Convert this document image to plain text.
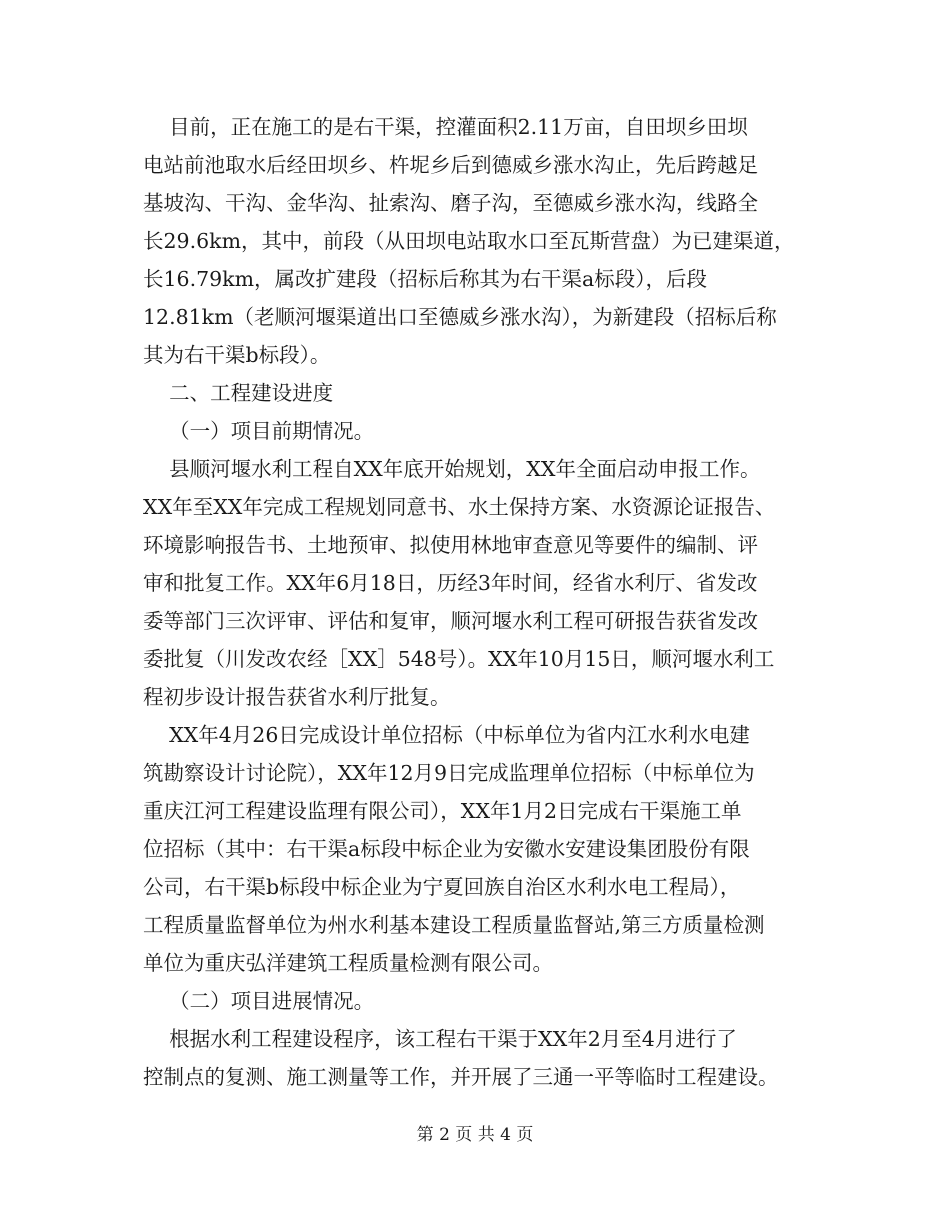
目前，正在施工的是右干渠，控灌面积2.11万亩，自田坝乡田坝
电站前池取水后经田坝乡、杵坭乡后到德威乡涨水沟止，先后跨越足
基坡沟、干沟、金华沟、扯索沟、磨子沟，至德威乡涨水沟，线路全
长29.6km，其中，前段（从田坝电站取水口至瓦斯营盘）为已建渠道，
长16.79km，属改扩建段（招标后称其为右干渠a标段），后段
12.81km（老顺河堰渠道出口至德威乡涨水沟），为新建段（招标后称
其为右干渠b标段）。
二、工程建设进度
（一）项目前期情况。
县顺河堰水利工程自XX年底开始规划，XX年全面启动申报工作。
XX年至XX年完成工程规划同意书、水土保持方案、水资源论证报告、
环境影响报告书、土地预审、拟使用林地审查意见等要件的编制、评
审和批复工作。XX年6月18日，历经3年时间，经省水利厅、省发改
委等部门三次评审、评估和复审，顺河堰水利工程可研报告获省发改
委批复（川发改农经［XX］548号）。XX年10月15日，顺河堰水利工
程初步设计报告获省水利厅批复。
XX年4月26日完成设计单位招标（中标单位为省内江水利水电建
筑勘察设计讨论院），XX年12月9日完成监理单位招标（中标单位为
重庆江河工程建设监理有限公司），XX年1月2日完成右干渠施工单
位招标（其中：右干渠a标段中标企业为安徽水安建设集团股份有限
公司，右干渠b标段中标企业为宁夏回族自治区水利水电工程局），
工程质量监督单位为州水利基本建设工程质量监督站,第三方质量检测
单位为重庆弘洋建筑工程质量检测有限公司。
（二）项目进展情况。
根据水利工程建设程序，该工程右干渠于XX年2月至4月进行了
控制点的复测、施工测量等工作，并开展了三通一平等临时工程建设。
第 2 页 共 4 页
